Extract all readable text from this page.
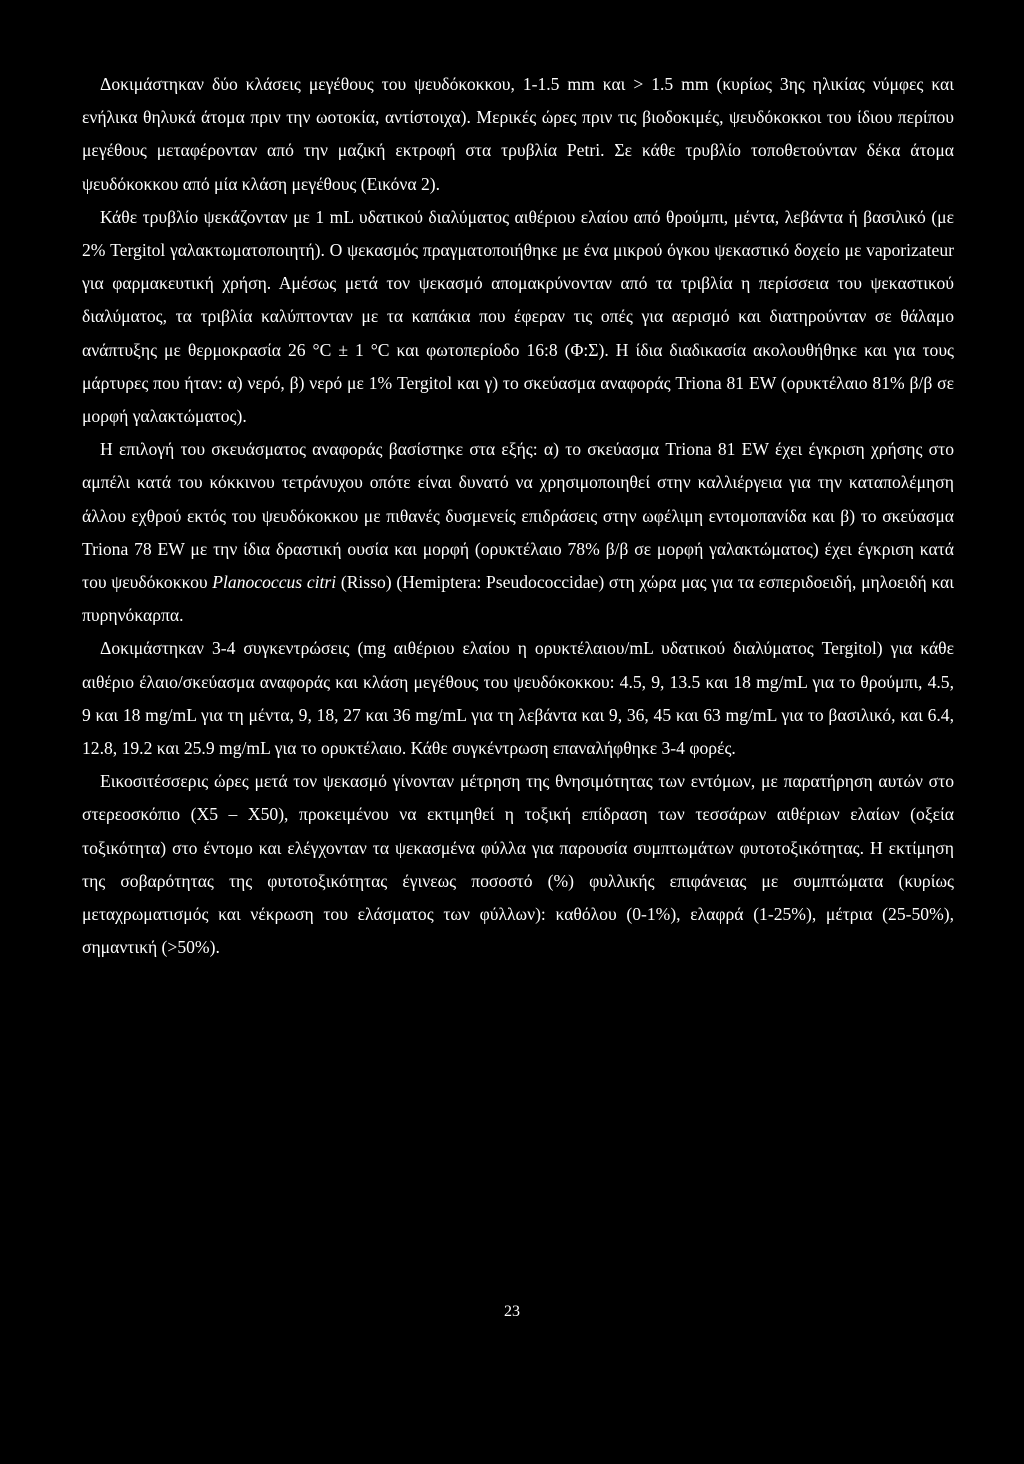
Δοκιμάστηκαν δύο κλάσεις μεγέθους του ψευδόκοκκου, 1-1.5 mm και > 1.5 mm (κυρίως 3ης ηλικίας νύμφες και ενήλικα θηλυκά άτομα πριν την ωοτοκία, αντίστοιχα). Μερικές ώρες πριν τις βιοδοκιμές, ψευδόκοκκοι του ίδιου περίπου μεγέθους μεταφέρονταν από την μαζική εκτροφή στα τρυβλία Petri. Σε κάθε τρυβλίο τοποθετούνταν δέκα άτομα ψευδόκοκκου από μία κλάση μεγέθους (Εικόνα 2).

Κάθε τρυβλίο ψεκάζονταν με 1 mL υδατικού διαλύματος αιθέριου ελαίου από θρούμπι, μέντα, λεβάντα ή βασιλικό (με 2% Tergitol γαλακτωματοποιητή). Ο ψεκασμός πραγματοποιήθηκε με ένα μικρού όγκου ψεκαστικό δοχείο με vaporizateur για φαρμακευτική χρήση. Αμέσως μετά τον ψεκασμό απομακρύνονταν από τα τριβλία η περίσσεια του ψεκαστικού διαλύματος, τα τριβλία καλύπτονταν με τα καπάκια που έφεραν τις οπές για αερισμό και διατηρούνταν σε θάλαμο ανάπτυξης με θερμοκρασία 26 °C ± 1 °C και φωτοπερίοδο 16:8 (Φ:Σ). Η ίδια διαδικασία ακολουθήθηκε και για τους μάρτυρες που ήταν: α) νερό, β) νερό με 1% Tergitol και γ) το σκεύασμα αναφοράς Triona 81 EW (ορυκτέλαιο 81% β/β σε μορφή γαλακτώματος).

Η επιλογή του σκευάσματος αναφοράς βασίστηκε στα εξής: α) το σκεύασμα Triona 81 EW έχει έγκριση χρήσης στο αμπέλι κατά του κόκκινου τετράνυχου οπότε είναι δυνατό να χρησιμοποιηθεί στην καλλιέργεια για την καταπολέμηση άλλου εχθρού εκτός του ψευδόκοκκου με πιθανές δυσμενείς επιδράσεις στην ωφέλιμη εντομοπανίδα και β) το σκεύασμα Triona 78 EW με την ίδια δραστική ουσία και μορφή (ορυκτέλαιο 78% β/β σε μορφή γαλακτώματος) έχει έγκριση κατά του ψευδόκοκκου Planococcus citri (Risso) (Hemiptera: Pseudococcidae) στη χώρα μας για τα εσπεριδοειδή, μηλοειδή και πυρηνόκαρπα.

Δοκιμάστηκαν 3-4 συγκεντρώσεις (mg αιθέριου ελαίου η ορυκτέλαιου/mL υδατικού διαλύματος Tergitol) για κάθε αιθέριο έλαιο/σκεύασμα αναφοράς και κλάση μεγέθους του ψευδόκοκκου: 4.5, 9, 13.5 και 18 mg/mL για το θρούμπι, 4.5, 9 και 18 mg/mL για τη μέντα, 9, 18, 27 και 36 mg/mL για τη λεβάντα και 9, 36, 45 και 63 mg/mL για το βασιλικό, και 6.4, 12.8, 19.2 και 25.9 mg/mL για το ορυκτέλαιο. Κάθε συγκέντρωση επαναλήφθηκε 3-4 φορές.

Εικοσιτέσσερις ώρες μετά τον ψεκασμό γίνονταν μέτρηση της θνησιμότητας των εντόμων, με παρατήρηση αυτών στο στερεοσκόπιο (X5 – X50), προκειμένου να εκτιμηθεί η τοξική επίδραση των τεσσάρων αιθέριων ελαίων (οξεία τοξικότητα) στο έντομο και ελέγχονταν τα ψεκασμένα φύλλα για παρουσία συμπτωμάτων φυτοτοξικότητας. Η εκτίμηση της σοβαρότητας της φυτοτοξικότητας έγινεως ποσοστό (%) φυλλικής επιφάνειας με συμπτώματα (κυρίως μεταχρωματισμός και νέκρωση του ελάσματος των φύλλων): καθόλου (0-1%), ελαφρά (1-25%), μέτρια (25-50%), σημαντική (>50%).

23
